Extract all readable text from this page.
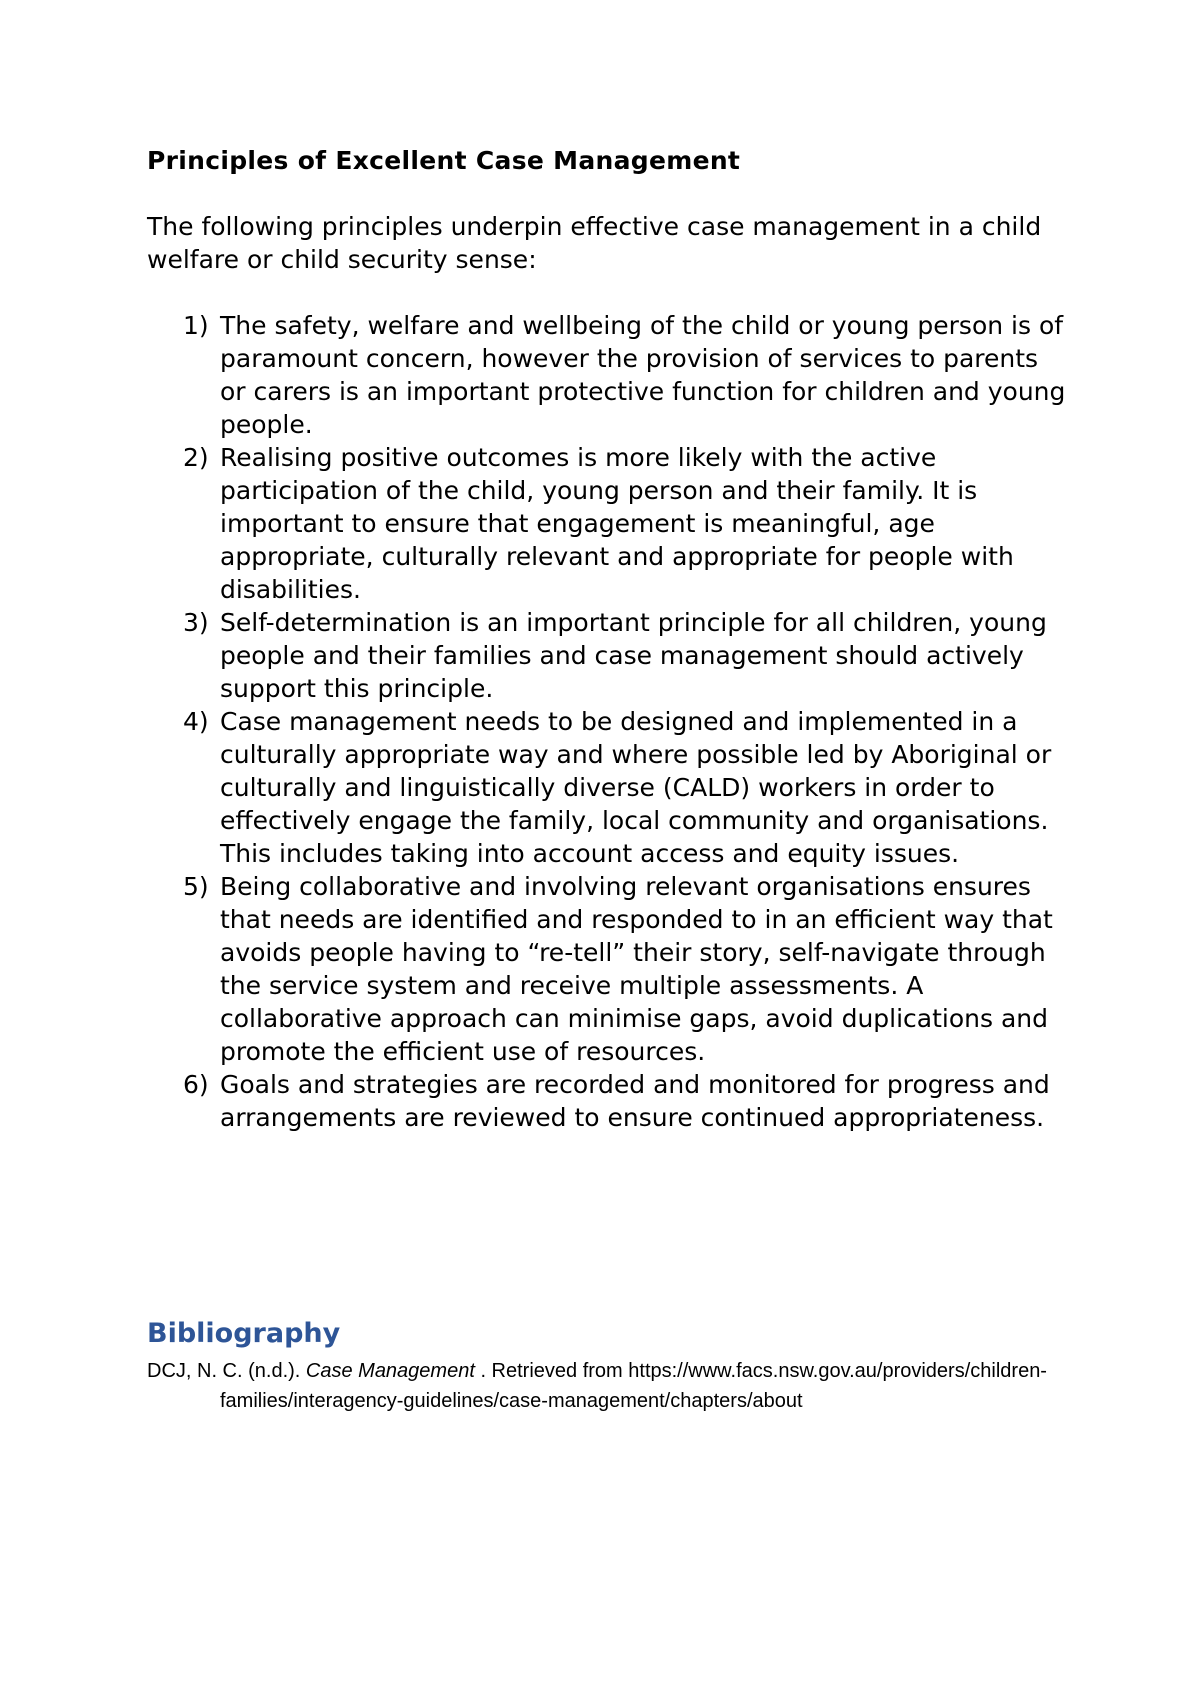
Principles of Excellent Case Management
The following principles underpin effective case management in a child welfare or child security sense:
1) The safety, welfare and wellbeing of the child or young person is of paramount concern, however the provision of services to parents or carers is an important protective function for children and young people.
2) Realising positive outcomes is more likely with the active participation of the child, young person and their family. It is important to ensure that engagement is meaningful, age appropriate, culturally relevant and appropriate for people with disabilities.
3) Self-determination is an important principle for all children, young people and their families and case management should actively support this principle.
4) Case management needs to be designed and implemented in a culturally appropriate way and where possible led by Aboriginal or culturally and linguistically diverse (CALD) workers in order to effectively engage the family, local community and organisations. This includes taking into account access and equity issues.
5) Being collaborative and involving relevant organisations ensures that needs are identified and responded to in an efficient way that avoids people having to “re-tell” their story, self-navigate through the service system and receive multiple assessments. A collaborative approach can minimise gaps, avoid duplications and promote the efficient use of resources.
6) Goals and strategies are recorded and monitored for progress and arrangements are reviewed to ensure continued appropriateness.
Bibliography
DCJ, N. C. (n.d.). Case Management . Retrieved from https://www.facs.nsw.gov.au/providers/children-families/interagency-guidelines/case-management/chapters/about
